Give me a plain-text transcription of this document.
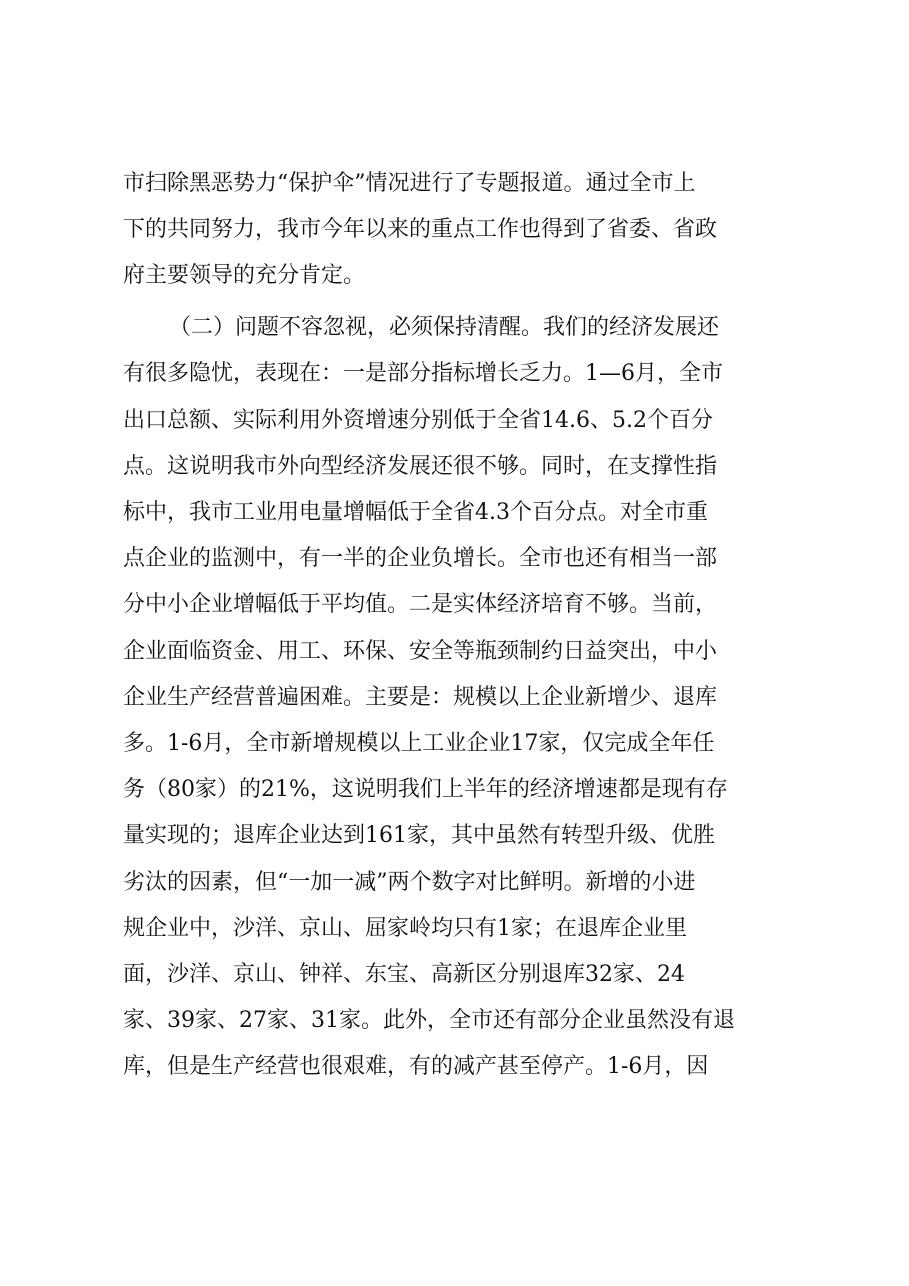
市扫除黑恶势力“保护伞”情况进行了专题报道。通过全市上
下的共同努力，我市今年以来的重点工作也得到了省委、省政
府主要领导的充分肯定。
（二）问题不容忽视，必须保持清醒。我们的经济发展还
有很多隐忧，表现在：一是部分指标增长乏力。1—6月，全市
出口总额、实际利用外资增速分别低于全省14.6、5.2个百分
点。这说明我市外向型经济发展还很不够。同时，在支撑性指
标中，我市工业用电量增幅低于全省4.3个百分点。对全市重
点企业的监测中，有一半的企业负增长。全市也还有相当一部
分中小企业增幅低于平均值。二是实体经济培育不够。当前，
企业面临资金、用工、环保、安全等瓶颈制约日益突出，中小
企业生产经营普遍困难。主要是：规模以上企业新增少、退库
多。1-6月，全市新增规模以上工业企业17家，仅完成全年任
务（80家）的21%，这说明我们上半年的经济增速都是现有存
量实现的；退库企业达到161家，其中虽然有转型升级、优胜
劣汰的因素，但“一加一减”两个数字对比鲜明。新增的小进
规企业中，沙洋、京山、屈家岭均只有1家；在退库企业里
面，沙洋、京山、钟祥、东宝、高新区分别退库32家、24
家、39家、27家、31家。此外，全市还有部分企业虽然没有退
库，但是生产经营也很艰难，有的减产甚至停产。1-6月，因
